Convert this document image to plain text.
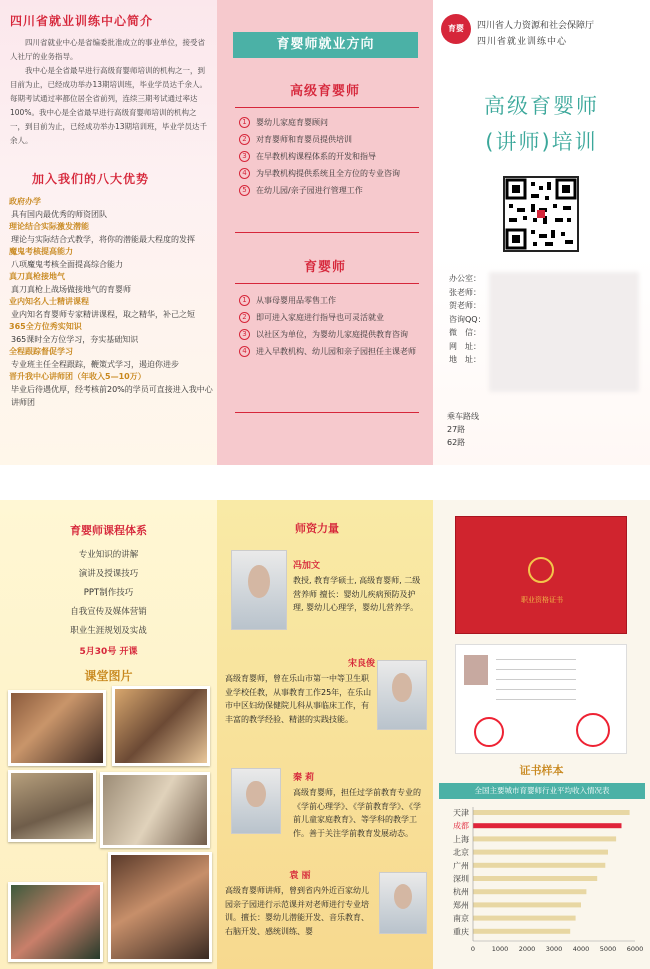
四川省就业训练中心简介

四川省就业中心是省编委批准成立的事业单位，接受省人社厅的业务指导。

我中心是全省最早进行高级育婴师培训的机构之一，到目前为止，已经成功举办13期培训班，毕业学员达千余人。每期考试通过率都位居全省前列，连续三期考试通过率达100%。我中心是全省最早进行高级育婴师培训的机构之一，到目前为止，已经成功举办13期培训班，毕业学员达千余人。

加入我们的八大优势
政府办学
具有国内最优秀的师资团队
理论结合实际激发潜能
理论与实际结合式教学，将你的潜能最大程度的发挥
魔鬼考核提高能力
八项魔鬼考核全面提高综合能力
真刀真枪接地气
真刀真枪上战场做接地气的育婴师
业内知名人士精讲课程
业内知名育婴师专家精讲课程，取之精华，补己之短
365全方位秀实知识
365课时全方位学习，夯实基础知识
全程跟踪督促学习
专业班主任全程跟踪，鞭策式学习，遏迫你进步
晋升我中心讲师团（年收入5—10万）
毕业后待遇优厚，经考核前20%的学员可直接进入我中心讲师团
育婴师就业方向
高级育婴师
1	婴幼儿家庭育婴顾问
2	对育婴师和育婴员提供培训
3	在早教机构课程体系的开发和指导
4	为早教机构提供系统且全方位的专业咨询
5	在幼儿园/亲子园进行管理工作
育婴师
1	从事母婴用品零售工作
2	即可进入家庭进行指导也可灵活就业
3	以社区为单位，为婴幼儿家庭提供教育咨询
4	进入早教机构、幼儿园和亲子园担任主课老师
育婴	四川省人力资源和社会保障厅
四川省就业训练中心
高级育婴师
(讲师)培训
办公室：
张老师：
贺老师：
咨询QQ：
微　信：
网　址：
地　址：
乘车路线
27路
62路
育婴师课程体系
专业知识的讲解
演讲及授课技巧
PPT制作技巧
自我宣传及媒体营销
职业生涯规划及实战
5月30号 开课
课堂图片
师资力量
冯加文
教授, 教育学硕士, 高级育婴师, 二级营养师 擅长：婴幼儿疾病预防及护理, 婴幼儿心理学，婴幼儿营养学。
宋良俊
高级育婴师，曾在乐山市第一中等卫生职业学校任教，从事教育工作25年，在乐山市中区妇幼保健院儿科从事临床工作，有丰富的教学经验、精湛的实践技能。
秦 莉
高级育婴师，担任过学前教育专业的《学前心理学》、《学前教育学》、《学前儿童家庭教育》、等学科的教学工作。善于关注学前教育发展动态。
袁 丽
高级育婴师讲师，曾到省内外近百家幼儿园亲子园进行示范课并对老师进行专业培训。擅长：婴幼儿潜能开发、音乐教育、右脑开发、感统训练、婴
职业资格证书
证书样本
全国主要城市育婴师行业平均收入情况表
天津
成都
上海
北京
广州
深圳
杭州
郑州
南京
重庆
0	1000 2000 3000 4000 5000 6000
